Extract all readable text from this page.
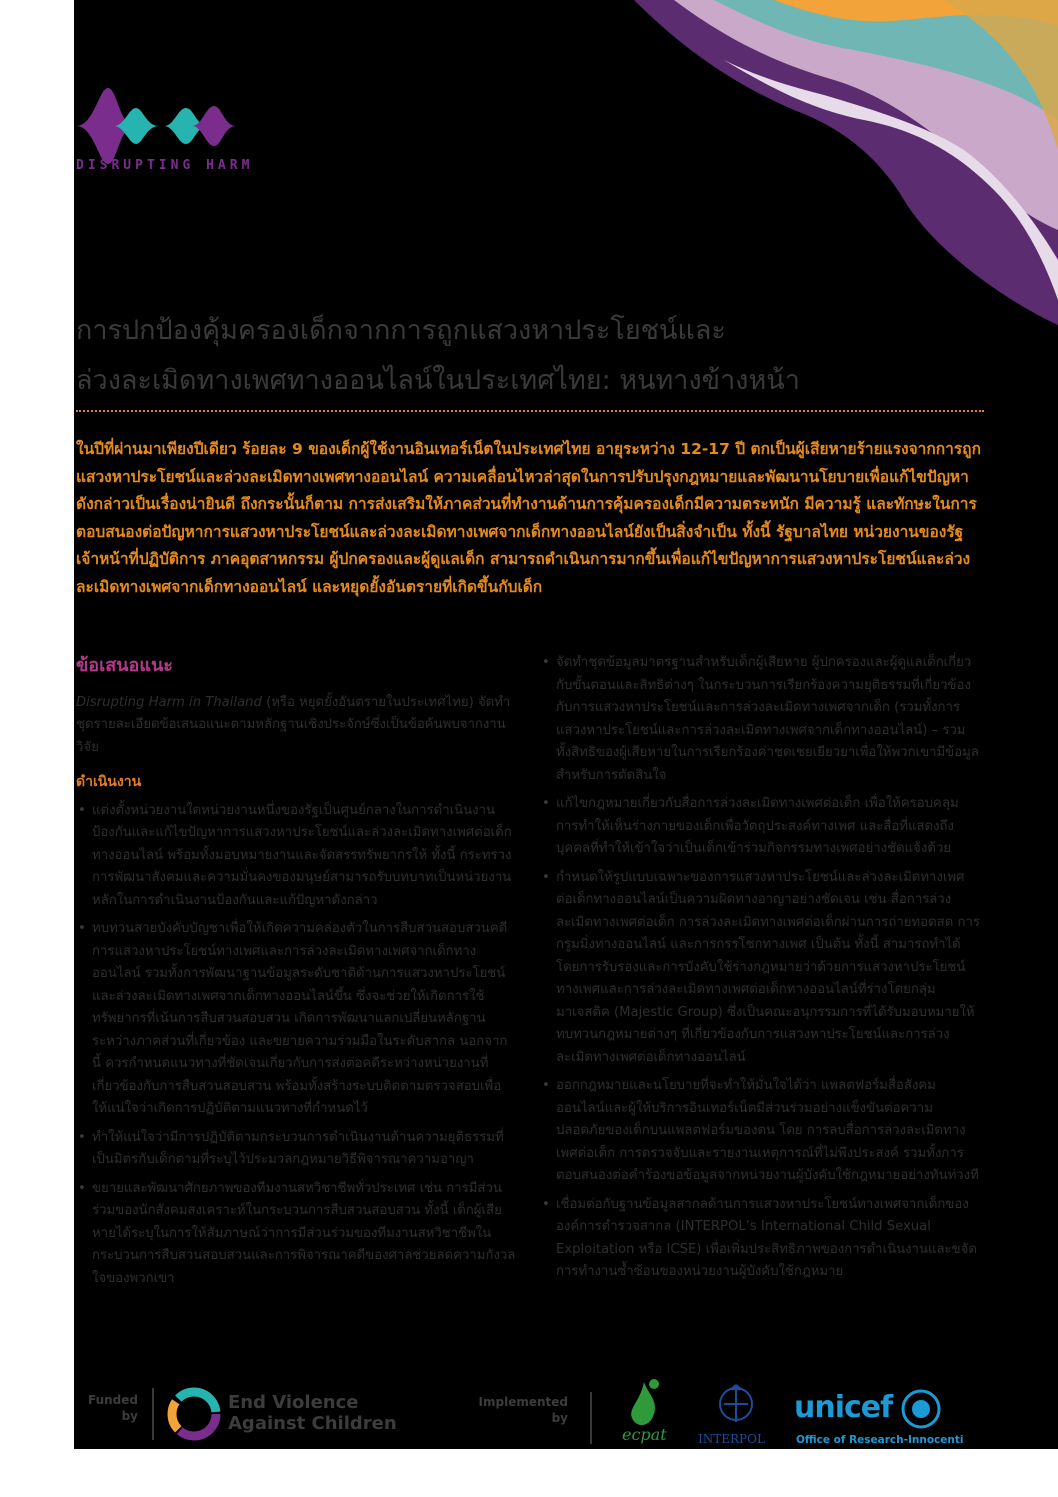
DISRUPTING HARM
การปกป้องคุ้มครองเด็กจากการถูกแสวงหาประโยชน์และ
ล่วงละเมิดทางเพศทางออนไลน์ในประเทศไทย: หนทางข้างหน้า

ในปีที่ผ่านมาเพียงปีเดียว ร้อยละ 9 ของเด็กผู้ใช้งานอินเทอร์เน็ตในประเทศไทย อายุระหว่าง 12-17 ปี ตกเป็นผู้เสียหายร้ายแรงจากการถูกแสวงหาประโยชน์และล่วงละเมิดทางเพศทางออนไลน์ ความเคลื่อนไหวล่าสุดในการปรับปรุงกฎหมายและพัฒนานโยบายเพื่อแก้ไขปัญหาดังกล่าวเป็นเรื่องน่ายินดี ถึงกระนั้นก็ตาม การส่งเสริมให้ภาคส่วนที่ทำงานด้านการคุ้มครองเด็กมีความตระหนัก มีความรู้ และทักษะในการตอบสนองต่อปัญหาการแสวงหาประโยชน์และล่วงละเมิดทางเพศจากเด็กทางออนไลน์ยังเป็นสิ่งจำเป็น ทั้งนี้ รัฐบาลไทย หน่วยงานของรัฐ เจ้าหน้าที่ปฏิบัติการ ภาคอุตสาหกรรม ผู้ปกครองและผู้ดูแลเด็ก สามารถดำเนินการมากขึ้นเพื่อแก้ไขปัญหาการแสวงหาประโยชน์และล่วงละเมิดทางเพศจากเด็กทางออนไลน์ และหยุดยั้งอันตรายที่เกิดขึ้นกับเด็ก

ข้อเสนอแนะ

Disrupting Harm in Thailand (หรือ หยุดยั้งอันตรายในประเทศไทย) จัดทำชุดรายละเอียดข้อเสนอแนะตามหลักฐานเชิงประจักษ์ซึ่งเป็นข้อค้นพบจากงานวิจัย

ดำเนินงาน
• แต่งตั้งหน่วยงานใดหน่วยงานหนึ่งของรัฐเป็นศูนย์กลางในการดำเนินงานป้องกันและแก้ไขปัญหาการแสวงหาประโยชน์และล่วงละเมิดทางเพศต่อเด็กทางออนไลน์ พร้อมทั้งมอบหมายงานและจัดสรรทรัพยากรให้ ทั้งนี้ กระทรวงการพัฒนาสังคมและความมั่นคงของมนุษย์สามารถรับบทบาทเป็นหน่วยงานหลักในการดำเนินงานป้องกันและแก้ปัญหาดังกล่าว
• ทบทวนสายบังคับบัญชาเพื่อให้เกิดความคล่องตัวในการสืบสวนสอบสวนคดีการแสวงหาประโยชน์ทางเพศและการล่วงละเมิดทางเพศจากเด็กทางออนไลน์ รวมทั้งการพัฒนาฐานข้อมูลระดับชาติด้านการแสวงหาประโยชน์และล่วงละเมิดทางเพศจากเด็กทางออนไลน์ขึ้น ซึ่งจะช่วยให้เกิดการใช้ทรัพยากรที่เน้นการสืบสวนสอบสวน เกิดการพัฒนาแลกเปลี่ยนหลักฐานระหว่างภาคส่วนที่เกี่ยวข้อง และขยายความร่วมมือในระดับสากล นอกจากนี้ ควรกำหนดแนวทางที่ชัดเจนเกี่ยวกับการส่งต่อคดีระหว่างหน่วยงานที่เกี่ยวข้องกับการสืบสวนสอบสวน พร้อมทั้งสร้างระบบติดตามตรวจสอบเพื่อให้แน่ใจว่าเกิดการปฏิบัติตามแนวทางที่กำหนดไว้
• ทำให้แน่ใจว่ามีการปฏิบัติตามกระบวนการดำเนินงานด้านความยุติธรรมที่เป็นมิตรกับเด็กตามที่ระบุไว้ประมวลกฎหมายวิธีพิจารณาความอาญา
• ขยายและพัฒนาศักยภาพของทีมงานสหวิชาชีพทั่วประเทศ เช่น การมีส่วนร่วมของนักสังคมสงเคราะห์ในกระบวนการสืบสวนสอบสวน ทั้งนี้ เด็กผู้เสียหายได้ระบุในการให้สัมภาษณ์ว่าการมีส่วนร่วมของทีมงานสหวิชาชีพในกระบวนการสืบสวนสอบสวนและการพิจารณาคดีของศาลช่วยลดความกังวลใจของพวกเขา
• จัดทำชุดข้อมูลมาตรฐานสำหรับเด็กผู้เสียหาย ผู้ปกครองและผู้ดูแลเด็กเกี่ยวกับขั้นตอนและสิทธิต่างๆ ในกระบวนการเรียกร้องความยุติธรรมที่เกี่ยวข้องกับการแสวงหาประโยชน์และการล่วงละเมิดทางเพศจากเด็ก (รวมทั้งการแสวงหาประโยชน์และการล่วงละเมิดทางเพศจากเด็กทางออนไลน์) – รวมทั้งสิทธิของผู้เสียหายในการเรียกร้องค่าชดเชยเยียวยาเพื่อให้พวกเขามีข้อมูลสำหรับการตัดสินใจ
• แก้ไขกฎหมายเกี่ยวกับสื่อการล่วงละเมิดทางเพศต่อเด็ก เพื่อให้ครอบคลุมการทำให้เห็นร่างกายของเด็กเพื่อวัตถุประสงค์ทางเพศ และสื่อที่แสดงถึงบุคคลที่ทำให้เข้าใจว่าเป็นเด็กเข้าร่วมกิจกรรมทางเพศอย่างชัดแจ้งด้วย
• กำหนดให้รูปแบบเฉพาะของการแสวงหาประโยชน์และล่วงละเมิดทางเพศต่อเด็กทางออนไลน์เป็นความผิดทางอาญาอย่างชัดเจน เช่น สื่อการล่วงละเมิดทางเพศต่อเด็ก การล่วงละเมิดทางเพศต่อเด็กผ่านการถ่ายทอดสด การกรูมมิ่งทางออนไลน์ และการกรรโชกทางเพศ เป็นต้น ทั้งนี้ สามารถทำได้โดยการรับรองและการบังคับใช้ร่างกฎหมายว่าด้วยการแสวงหาประโยชน์ทางเพศและการล่วงละเมิดทางเพศต่อเด็กทางออนไลน์ที่ร่างโดยกลุ่มมาเจสติค (Majestic Group) ซึ่งเป็นคณะอนุกรรมการที่ได้รับมอบหมายให้ทบทวนกฎหมายต่างๆ ที่เกี่ยวข้องกับการแสวงหาประโยชน์และการล่วงละเมิดทางเพศต่อเด็กทางออนไลน์
• ออกกฎหมายและนโยบายที่จะทำให้มั่นใจได้ว่า แพลตฟอร์มสื่อสังคมออนไลน์และผู้ให้บริการอินเทอร์เน็ตมีส่วนร่วมอย่างแข็งขันต่อความปลอดภัยของเด็กบนแพลตฟอร์มของตน โดย การลบสื่อการล่วงละเมิดทางเพศต่อเด็ก การตรวจจับและรายงานเหตุการณ์ที่ไม่พึงประสงค์ รวมทั้งการตอบสนองต่อคำร้องขอข้อมูลจากหน่วยงานผู้บังคับใช้กฎหมายอย่างทันท่วงที
• เชื่อมต่อกับฐานข้อมูลสากลด้านการแสวงหาประโยชน์ทางเพศจากเด็กขององค์การตำรวจสากล (INTERPOL’s International Child Sexual Exploitation หรือ ICSE) เพื่อเพิ่มประสิทธิภาพของการดำเนินงานและขจัดการทำงานซ้ำซ้อนของหน่วยงานผู้บังคับใช้กฎหมาย
Funded
by
End Violence
Against Children
Implemented
by
ecpat	INTERPOL
unicef
Office of Research-Innocenti
